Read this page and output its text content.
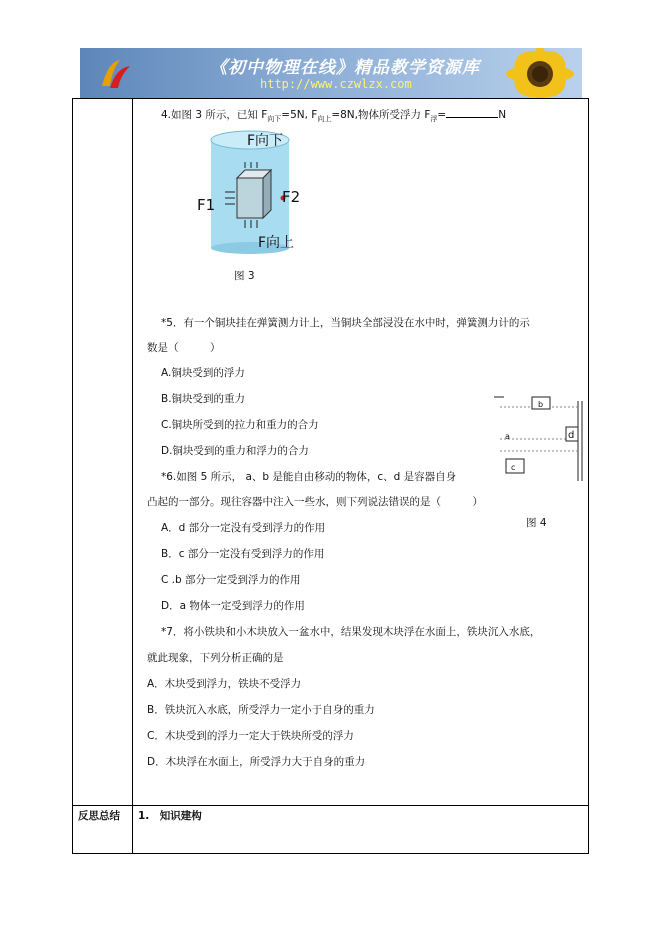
《初中物理在线》精品教学资源库
http://www.czwlzx.com
4.如图 3 所示，已知 $F_{向下}=5N$, $F_{向上}=8N$,物体所受浮力 $F_浮=$	N
F向下
F向上
F1	F2
图 3
*5．有一个铜块挂在弹簧测力计上，当铜块全部浸没在水中时，弹簧测力计的示
数是（　　　）
A.铜块受到的浮力
B.铜块受到的重力
C.铜块所受到的拉力和重力的合力
D.铜块受到的重力和浮力的合力
b
a	d
c
图 4
*6.如图 5 所示， a、b 是能自由移动的物体，c、d 是容器自身
凸起的一部分。现往容器中注入一些水，则下列说法错误的是（　　　）
A．d 部分一定没有受到浮力的作用
B．c 部分一定没有受到浮力的作用
C .b 部分一定受到浮力的作用
D．a 物体一定受到浮力的作用
*7．将小铁块和小木块放入一盆水中，结果发现木块浮在水面上，铁块沉入水底，
就此现象，下列分析正确的是
A．木块受到浮力，铁块不受浮力
B．铁块沉入水底，所受浮力一定小于自身的重力
C．木块受到的浮力一定大于铁块所受的浮力
D．木块浮在水面上，所受浮力大于自身的重力
反思总结 1.　知识建构
